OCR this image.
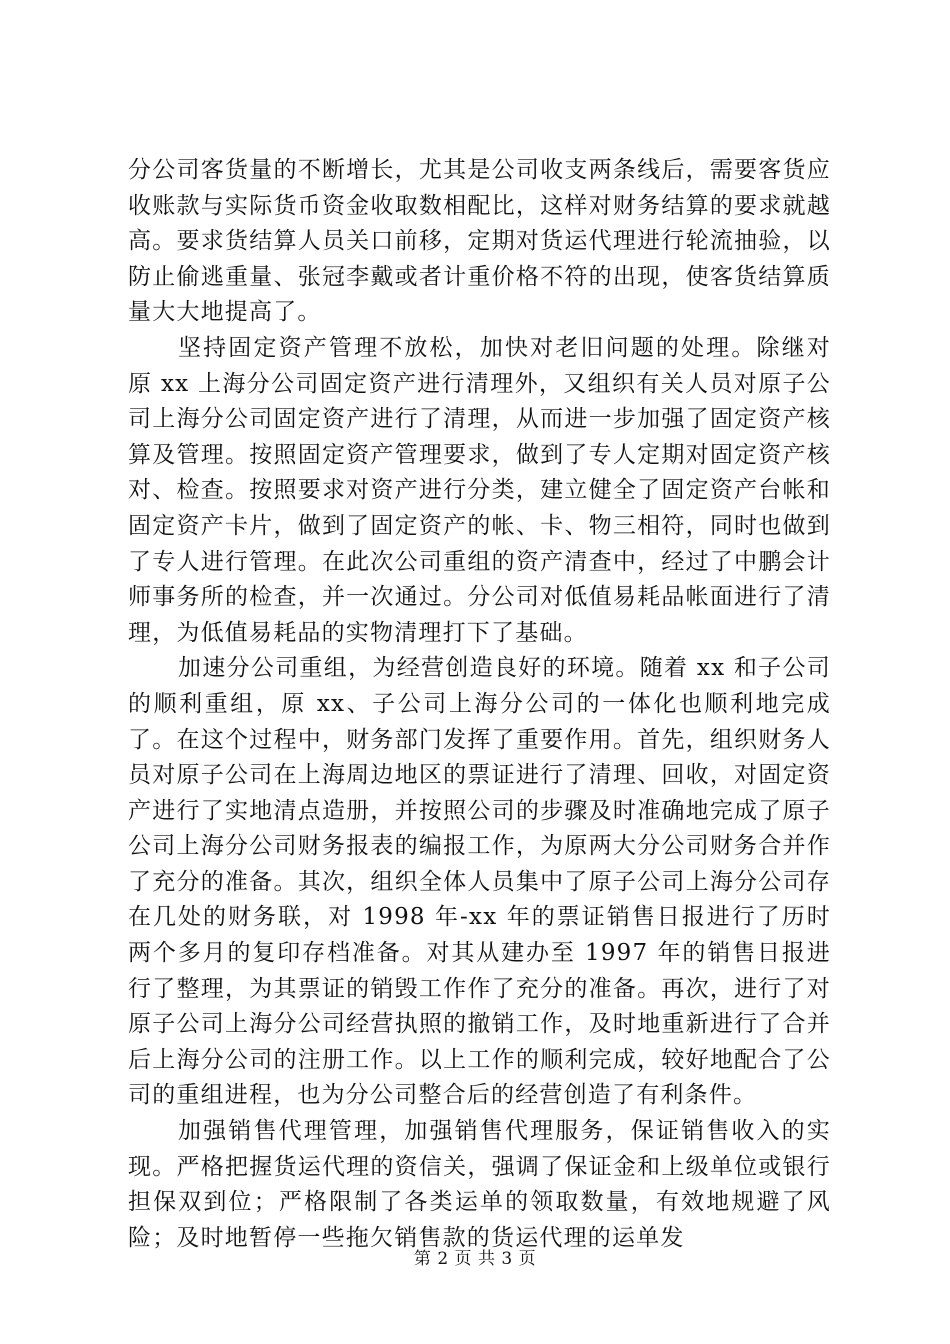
分公司客货量的不断增长，尤其是公司收支两条线后，需要客货应收账款与实际货币资金收取数相配比，这样对财务结算的要求就越高。要求货结算人员关口前移，定期对货运代理进行轮流抽验，以防止偷逃重量、张冠李戴或者计重价格不符的出现，使客货结算质量大大地提高了。

坚持固定资产管理不放松，加快对老旧问题的处理。除继对原 xx 上海分公司固定资产进行清理外，又组织有关人员对原子公司上海分公司固定资产进行了清理，从而进一步加强了固定资产核算及管理。按照固定资产管理要求，做到了专人定期对固定资产核对、检查。按照要求对资产进行分类，建立健全了固定资产台帐和固定资产卡片，做到了固定资产的帐、卡、物三相符，同时也做到了专人进行管理。在此次公司重组的资产清查中，经过了中鹏会计师事务所的检查，并一次通过。分公司对低值易耗品帐面进行了清理，为低值易耗品的实物清理打下了基础。

加速分公司重组，为经营创造良好的环境。随着 xx 和子公司的顺利重组，原 xx、子公司上海分公司的一体化也顺利地完成了。在这个过程中，财务部门发挥了重要作用。首先，组织财务人员对原子公司在上海周边地区的票证进行了清理、回收，对固定资产进行了实地清点造册，并按照公司的步骤及时准确地完成了原子公司上海分公司财务报表的编报工作，为原两大分公司财务合并作了充分的准备。其次，组织全体人员集中了原子公司上海分公司存在几处的财务联，对 1998 年-xx 年的票证销售日报进行了历时两个多月的复印存档准备。对其从建办至 1997 年的销售日报进行了整理，为其票证的销毁工作作了充分的准备。再次，进行了对原子公司上海分公司经营执照的撤销工作，及时地重新进行了合并后上海分公司的注册工作。以上工作的顺利完成，较好地配合了公司的重组进程，也为分公司整合后的经营创造了有利条件。

加强销售代理管理，加强销售代理服务，保证销售收入的实现。严格把握货运代理的资信关，强调了保证金和上级单位或银行担保双到位；严格限制了各类运单的领取数量，有效地规避了风险；及时地暂停一些拖欠销售款的货运代理的运单发

第 2 页 共 3 页
